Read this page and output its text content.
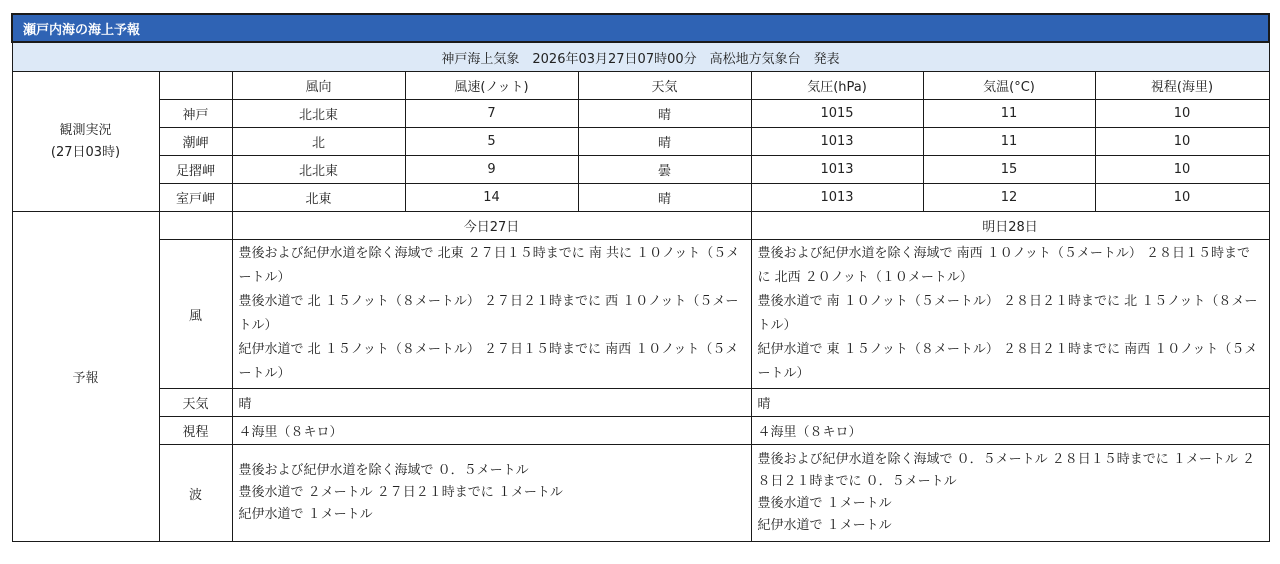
瀬戸内海の海上予報							
神戸海上気象　2026年03月27日07時00分　高松地方気象台　発表							

観測実況
(27日03時)		風向	風速(ノット)	天気	気圧(hPa)	気温(°C)	視程(海里)
	神戸	北北東	7	晴	1015	11	10
	潮岬	北	5	晴	1013	11	10
	足摺岬	北北東	9	曇	1013	15	10
	室戸岬	北東	14	晴	1013	12	10
予報		今日27日			明日28日		
	風	豊後および紀伊水道を除く海域で 北東 ２７日１５時までに 南 共に １０ノット（５メートル）
豊後水道で 北 １５ノット（８メートル） ２７日２１時までに 西 １０ノット（５メートル）
紀伊水道で 北 １５ノット（８メートル） ２７日１５時までに 南西 １０ノット（５メートル）			豊後および紀伊水道を除く海域で 南西 １０ノット（５メートル） ２８日１５時までに 北西 ２０ノット（１０メートル）
豊後水道で 南 １０ノット（５メートル） ２８日２１時までに 北 １５ノット（８メートル）
紀伊水道で 東 １５ノット（８メートル） ２８日２１時までに 南西 １０ノット（５メートル）		

	天気	晴			晴		
	視程	４海里（８キロ）			４海里（８キロ）		
	波	豊後および紀伊水道を除く海域で ０．５メートル
豊後水道で ２メートル ２７日２１時までに １メートル
紀伊水道で １メートル			豊後および紀伊水道を除く海域で ０．５メートル ２８日１５時までに １メートル ２８日２１時までに ０．５メートル
豊後水道で １メートル
紀伊水道で １メートル		
